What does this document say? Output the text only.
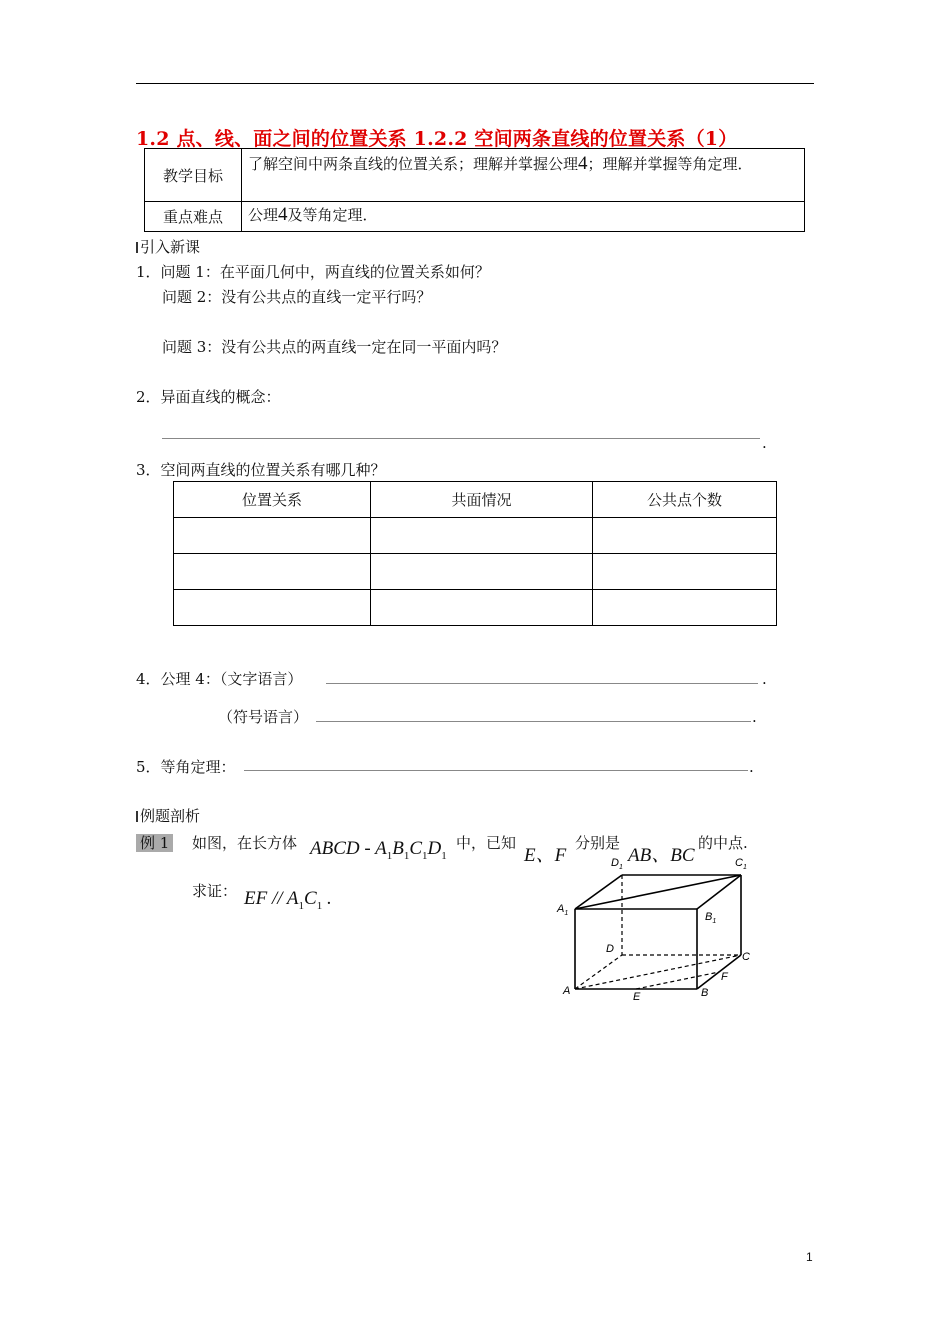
1.2 点、线、面之间的位置关系 1.2.2 空间两条直线的位置关系（1）
教学目标	了解空间中两条直线的位置关系；理解并掌握公理4；理解并掌握等角定理．
重点难点	公理4及等角定理．
引入新课
1．问题 1：在平面几何中，两直线的位置关系如何？
问题 2：没有公共点的直线一定平行吗？
问题 3：没有公共点的两直线一定在同一平面内吗？
2．异面直线的概念：
.
3．空间两直线的位置关系有哪几种？
位置关系	共面情况	公共点个数

4．公理 4：（文字语言）	.
（符号语言）	.
5．等角定理：	.
例题剖析
例 1 如图，在长方体 ABCD - $A_1B_1C_1D_1$
中，已知
E、F
分别是
AB、BC
的中点.
求证： EF // $A_1C_1$ .
$D_1$	$C_1$
$A_1$	$B_1$
D
C
F
A	E	B
1
